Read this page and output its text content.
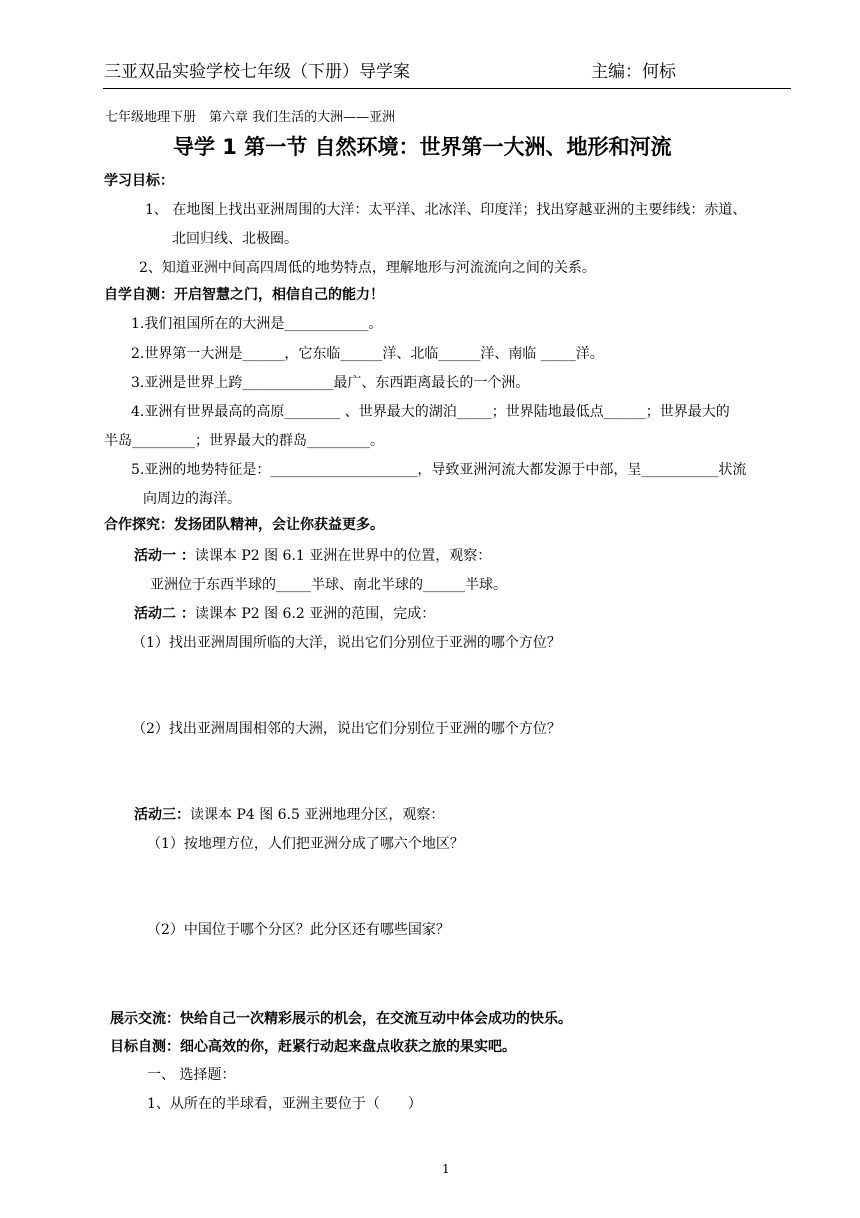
三亚双品实验学校七年级（下册）导学案	主编：何标
七年级地理下册　第六章 我们生活的大洲——亚洲
导学 1 第一节 自然环境：世界第一大洲、地形和河流
学习目标：
1、 在地图上找出亚洲周围的大洋：太平洋、北冰洋、印度洋；找出穿越亚洲的主要纬线：赤道、
北回归线、北极圈。
2、知道亚洲中间高四周低的地势特点，理解地形与河流流向之间的关系。
自学自测：开启智慧之门，相信自己的能力！
1.我们祖国所在的大洲是____________。
2.世界第一大洲是______，它东临______洋、北临______洋、南临 _____洋。
3.亚洲是世界上跨_____________最广、东西距离最长的一个洲。
4.亚洲有世界最高的高原________ 、世界最大的湖泊_____；世界陆地最低点______；世界最大的
半岛_________；世界最大的群岛_________。
5.亚洲的地势特征是：_____________________，导致亚洲河流大都发源于中部，呈___________状流
向周边的海洋。
合作探究：发扬团队精神，会让你获益更多。
活动一 ：读课本 P2 图 6.1 亚洲在世界中的位置，观察：
亚洲位于东西半球的_____半球、南北半球的______半球。
活动二 ：读课本 P2 图 6.2 亚洲的范围，完成：
（1）找出亚洲周围所临的大洋，说出它们分别位于亚洲的哪个方位？
（2）找出亚洲周围相邻的大洲，说出它们分别位于亚洲的哪个方位？
活动三：读课本 P4 图 6.5 亚洲地理分区，观察：
（1）按地理方位，人们把亚洲分成了哪六个地区？
（2）中国位于哪个分区？此分区还有哪些国家？
展示交流：快给自己一次精彩展示的机会，在交流互动中体会成功的快乐。
目标自测：细心高效的你，赶紧行动起来盘点收获之旅的果实吧。
一、 选择题：
1、从所在的半球看，亚洲主要位于（　　）
1
